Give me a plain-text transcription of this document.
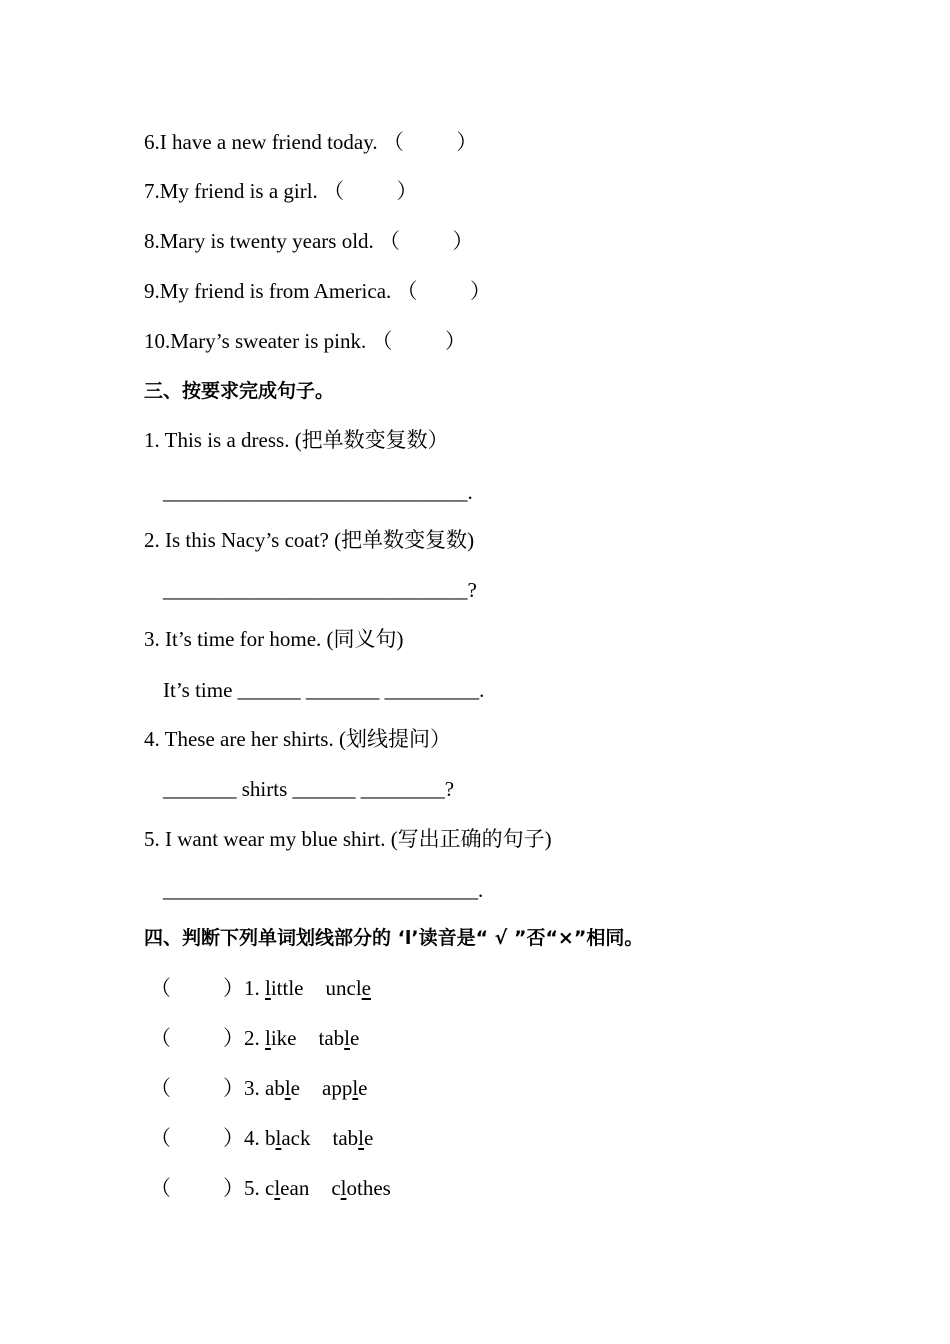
6.I have a new friend today. （          ）
7.My friend is a girl. （          ）
8.Mary is twenty years old. （          ）
9.My friend is from America. （          ）
10.Mary’s sweater is pink. （          ）
三、按要求完成句子。
1. This is a dress. (把单数变复数）
_____________________________.
2. Is this Nacy’s coat? (把单数变复数)
_____________________________?
3. It’s time for home. (同义句)
It’s time ______ _______ _________.
4. These are her shirts. (划线提问）
_______ shirts ______ ________?
5. I want wear my blue shirt. (写出正确的句子)
______________________________.
四、判断下列单词划线部分的 ‘l’读音是“ √ ”否“×”相同。
（ ） 1. little uncle
（ ） 2. like table
（ ） 3. able apple
（ ） 4. black table
（ ） 5. clean clothes
